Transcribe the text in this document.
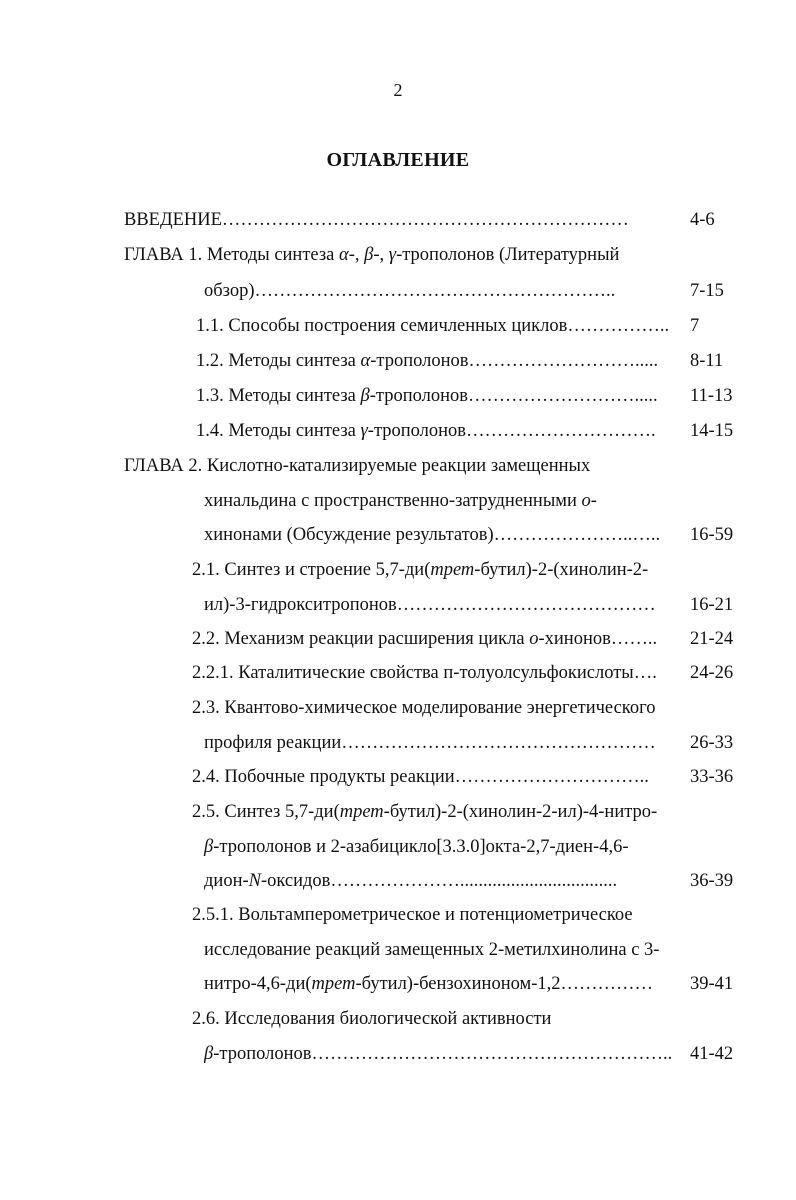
2
ОГЛАВЛЕНИЕ
ВВЕДЕНИЕ…………………………………………………………	4-6
ГЛАВА 1. Методы синтеза α-, β-, γ-трополонов (Литературный
обзор)…………………………………………………..	7-15
1.1. Способы построения семичленных циклов…………….. 7
1.2. Методы синтеза α-трополонов……………………….....	8-11
1.3. Методы синтеза β-трополонов……………………….....	11-13
1.4. Методы синтеза γ-трополонов………………………….	14-15
ГЛАВА 2. Кислотно-катализируемые реакции замещенных
хинальдина с пространственно-затрудненными о-
хинонами (Обсуждение результатов)…………………..…..	16-59
2.1. Синтез и строение 5,7-ди(трет-бутил)-2-(хинолин-2-
ил)-3-гидрокситропонов……………………………………	16-21
2.2. Механизм реакции расширения цикла о-хинонов……..	21-24
2.2.1. Каталитические свойства п-толуолсульфокислоты….	24-26
2.3. Квантово-химическое моделирование энергетического
профиля реакции……………………………………………	26-33
2.4. Побочные продукты реакции…………………………..	33-36
2.5. Синтез 5,7-ди(трет-бутил)-2-(хинолин-2-ил)-4-нитро-
β-трополонов и 2-азабицикло[3.3.0]окта-2,7-диен-4,6-
дион-N-оксидов…………………..................................	36-39
2.5.1. Вольтамперометрическое и потенциометрическое
исследование реакций замещенных 2-метилхинолина с 3-
нитро-4,6-ди(трет-бутил)-бензохиноном-1,2……………	39-41
2.6. Исследования биологической активности
β-трополонов………………………………………………….. 41-42
